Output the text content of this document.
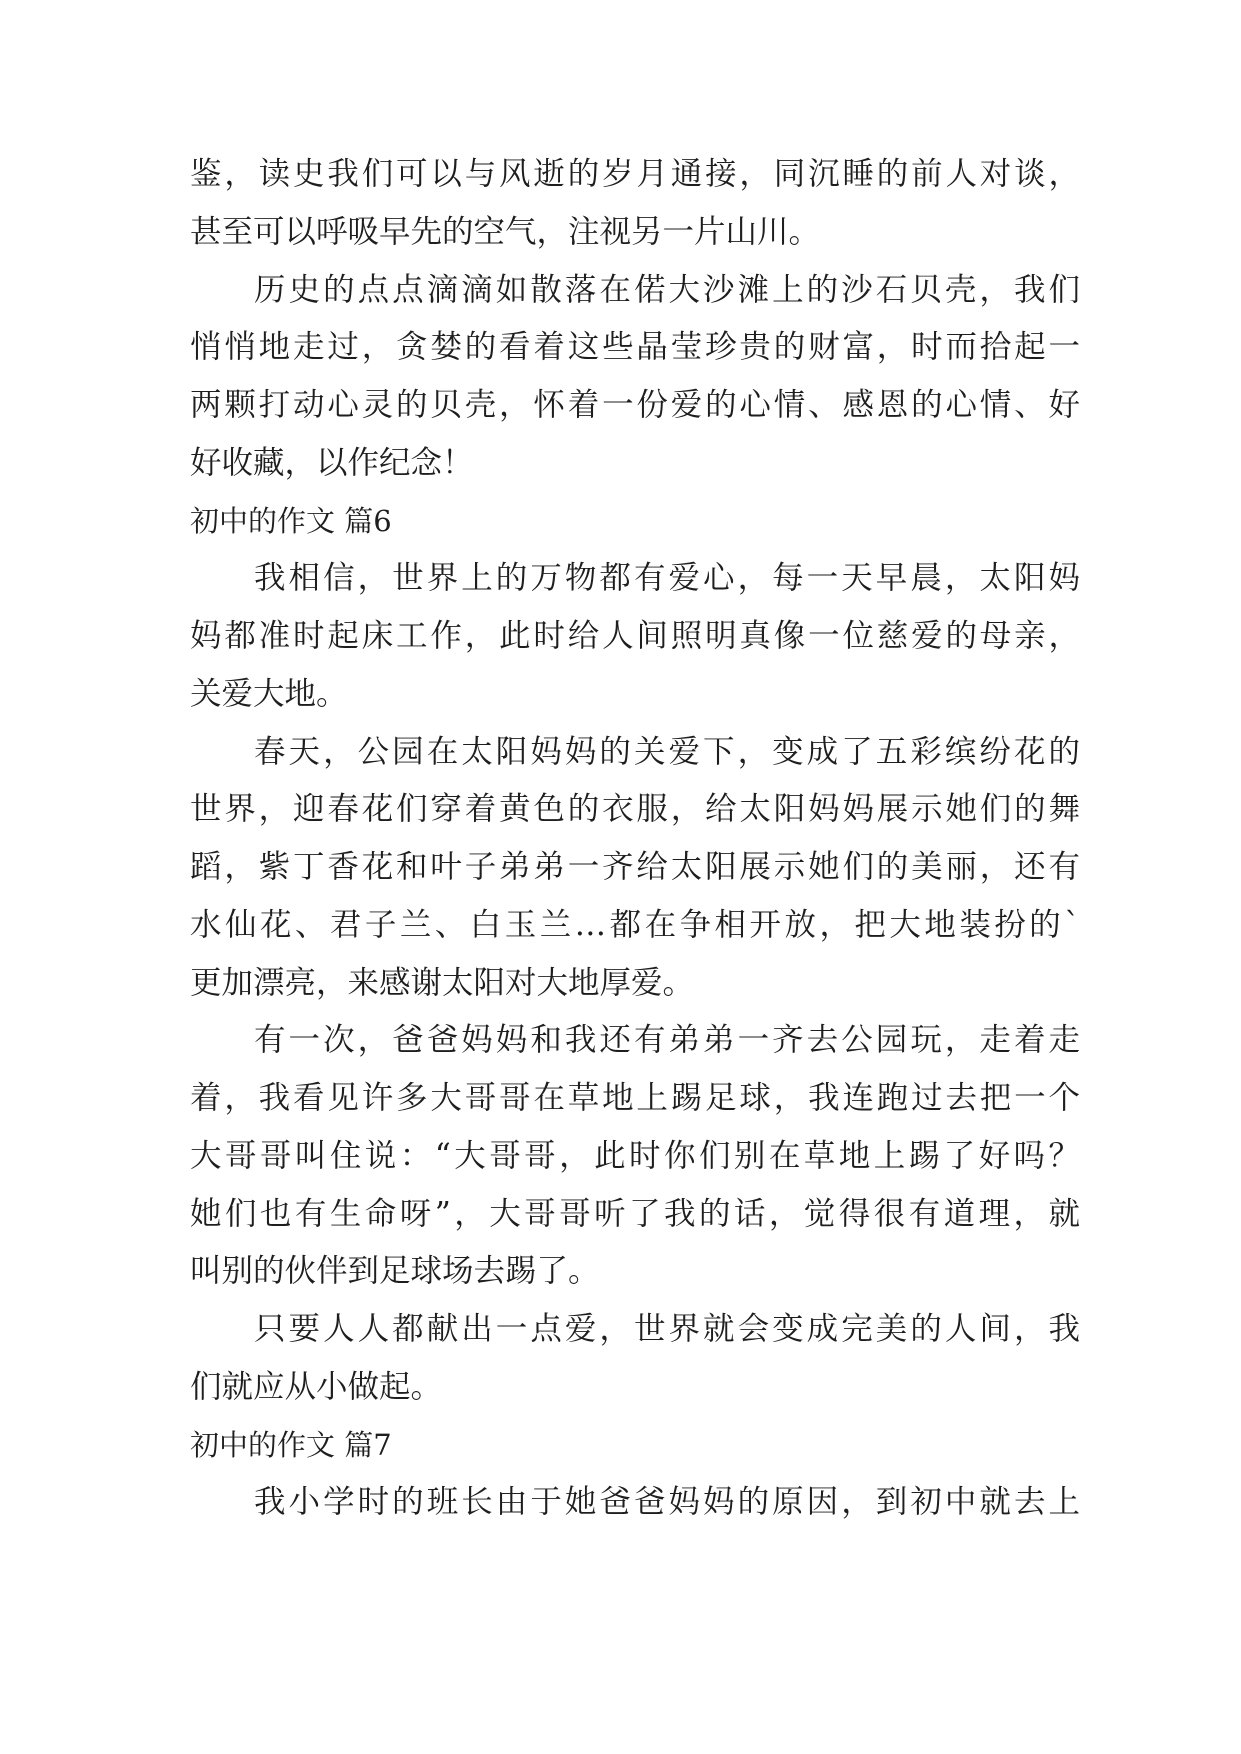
鉴，读史我们可以与风逝的岁月通接，同沉睡的前人对谈，
甚至可以呼吸早先的空气，注视另一片山川。
历史的点点滴滴如散落在偌大沙滩上的沙石贝壳，我们
悄悄地走过，贪婪的看着这些晶莹珍贵的财富，时而拾起一
两颗打动心灵的贝壳，怀着一份爱的心情、感恩的心情、好
好收藏，以作纪念！
初中的作文 篇6
我相信，世界上的万物都有爱心，每一天早晨，太阳妈
妈都准时起床工作，此时给人间照明真像一位慈爱的母亲，
关爱大地。
春天，公园在太阳妈妈的关爱下，变成了五彩缤纷花的
世界，迎春花们穿着黄色的衣服，给太阳妈妈展示她们的舞
蹈，紫丁香花和叶子弟弟一齐给太阳展示她们的美丽，还有
水仙花、君子兰、白玉兰…都在争相开放，把大地装扮的`
更加漂亮，来感谢太阳对大地厚爱。
有一次，爸爸妈妈和我还有弟弟一齐去公园玩，走着走
着，我看见许多大哥哥在草地上踢足球，我连跑过去把一个
大哥哥叫住说：“大哥哥，此时你们别在草地上踢了好吗？
她们也有生命呀”，大哥哥听了我的话，觉得很有道理，就
叫别的伙伴到足球场去踢了。
只要人人都献出一点爱，世界就会变成完美的人间，我
们就应从小做起。
初中的作文 篇7
我小学时的班长由于她爸爸妈妈的原因，到初中就去上
